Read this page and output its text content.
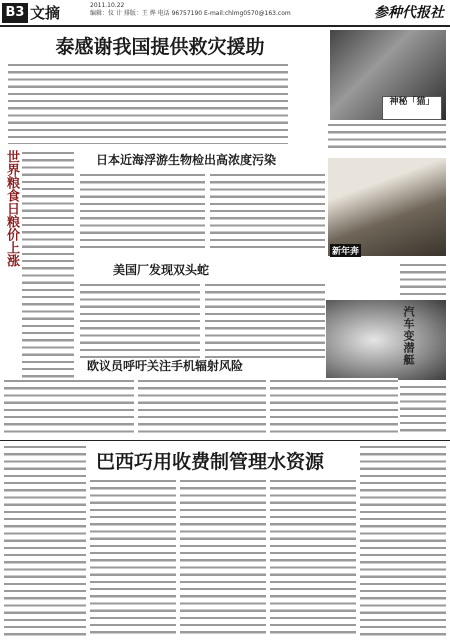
B3 文摘	2011.10.22
编辑：仪 计 排版：王 烨 电话 96757190 E-mail:chlmg0570@163.com	参种代报社
泰感谢我国提供救灾援助
神秘「猫」
世界粮食日粮价上涨	日本近海浮游生物检出高浓度污染
新年奔
美国厂发现双头蛇
汽车变潜艇
欧议员呼吁关注手机辐射风险
巴西巧用收费制管理水资源
